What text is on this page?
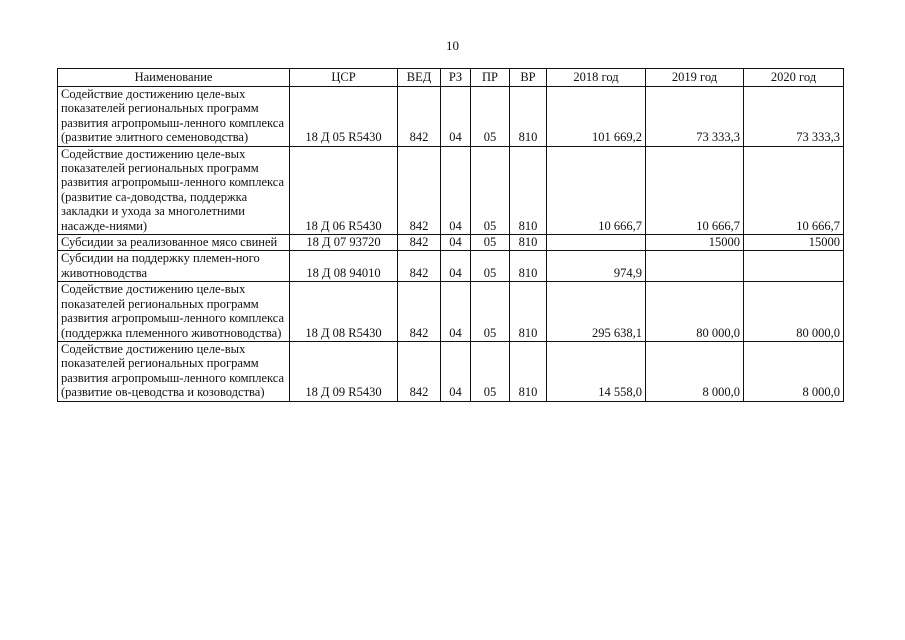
10
Наименование	ЦСР	ВЕД	РЗ	ПР	ВР	2018 год	2019 год	2020 год
Содействие достижению целе-вых показателей региональных программ развития агропромыш-ленного комплекса (развитие элитного семеноводства)	18 Д 05 R5430	842	04	05	810	101 669,2	73 333,3	73 333,3
Содействие достижению целе-вых показателей региональных программ развития агропромыш-ленного комплекса (развитие са-доводства, поддержка закладки и ухода за многолетними насажде-ниями)	18 Д 06 R5430	842	04	05	810	10 666,7	10 666,7	10 666,7
Субсидии за реализованное мясо свиней	18 Д 07 93720	842	04	05	810		15000	15000
Субсидии на поддержку племен-ного животноводства	18 Д 08 94010	842	04	05	810	974,9		
Содействие достижению целе-вых показателей региональных программ развития агропромыш-ленного комплекса (поддержка племенного животноводства)	18 Д 08 R5430	842	04	05	810	295 638,1	80 000,0	80 000,0
Содействие достижению целе-вых показателей региональных программ развития агропромыш-ленного комплекса (развитие ов-цеводства и козоводства)	18 Д 09 R5430	842	04	05	810	14 558,0	8 000,0	8 000,0
